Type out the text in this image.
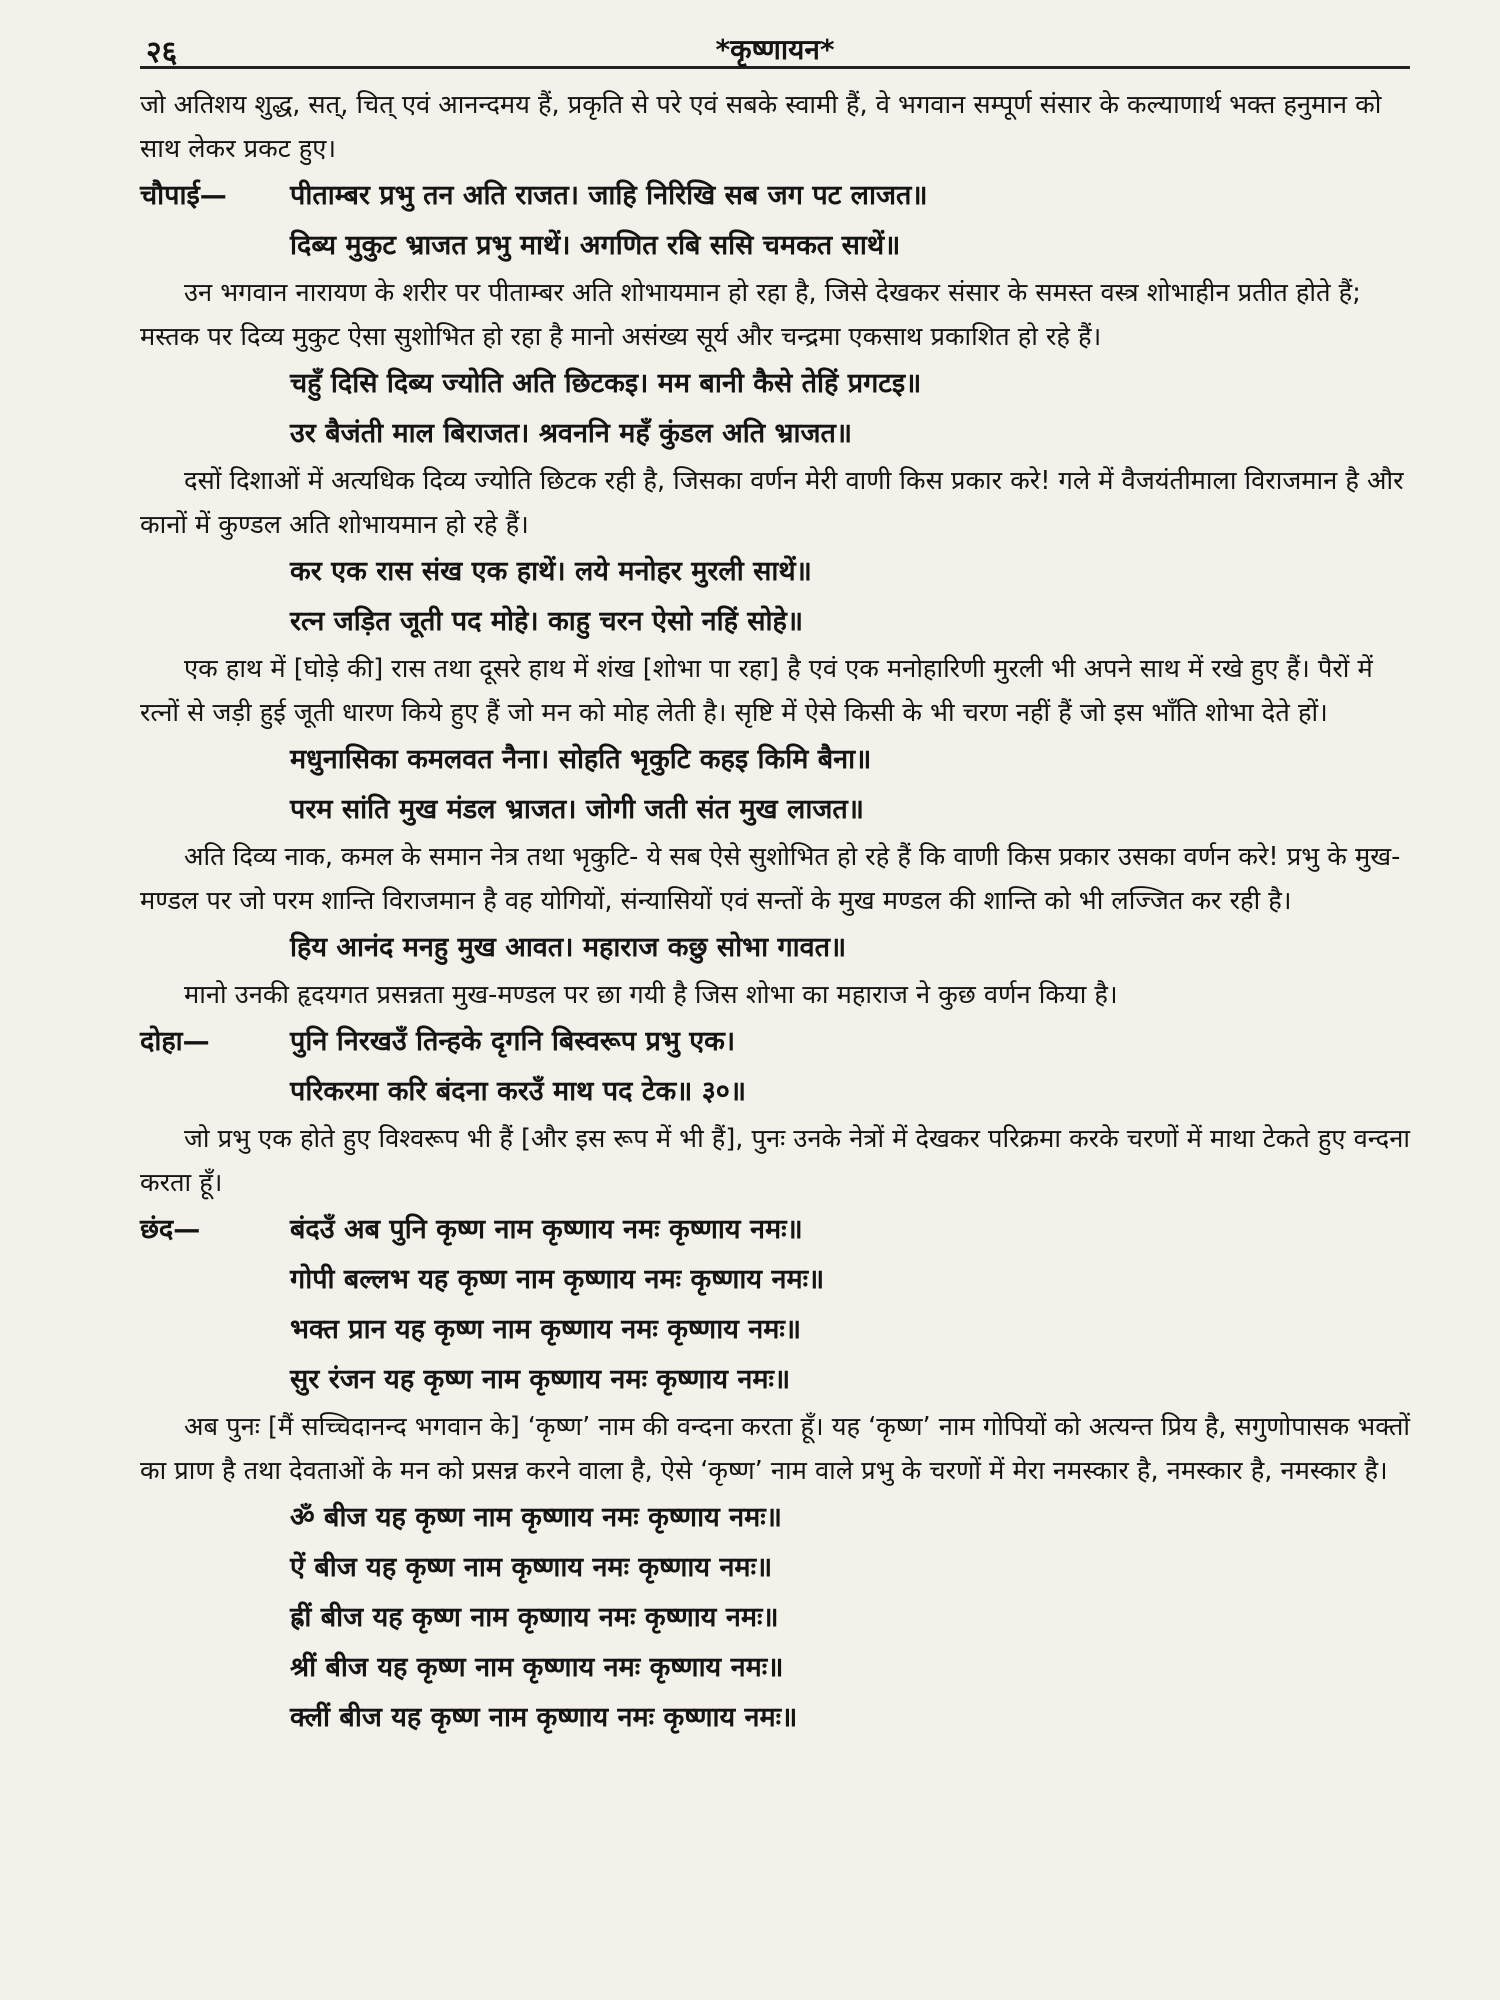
२६	*कृष्णायन*

जो अतिशय शुद्ध, सत्, चित् एवं आनन्दमय हैं, प्रकृति से परे एवं सबके स्वामी हैं, वे भगवान सम्पूर्ण संसार के कल्याणार्थ भक्त हनुमान को साथ लेकर प्रकट हुए।

चौपाई—	पीताम्बर प्रभु तन अति राजत। जाहि निरिखि सब जग पट लाजत॥
दिब्य मुकुट भ्राजत प्रभु माथें। अगणित रबि ससि चमकत साथें॥

उन भगवान नारायण के शरीर पर पीताम्बर अति शोभायमान हो रहा है, जिसे देखकर संसार के समस्त वस्त्र शोभाहीन प्रतीत होते हैं; मस्तक पर दिव्य मुकुट ऐसा सुशोभित हो रहा है मानो असंख्य सूर्य और चन्द्रमा एकसाथ प्रकाशित हो रहे हैं।

चहुँ दिसि दिब्य ज्योति अति छिटकइ। मम बानी कैसे तेहिं प्रगटइ॥
उर बैजंती माल बिराजत। श्रवननि महँ कुंडल अति भ्राजत॥

दसों दिशाओं में अत्यधिक दिव्य ज्योति छिटक रही है, जिसका वर्णन मेरी वाणी किस प्रकार करे! गले में वैजयंतीमाला विराजमान है और कानों में कुण्डल अति शोभायमान हो रहे हैं।

कर एक रास संख एक हाथें। लये मनोहर मुरली साथें॥
रत्न जड़ित जूती पद मोहे। काहु चरन ऐसो नहिं सोहे॥

एक हाथ में [घोड़े की] रास तथा दूसरे हाथ में शंख [शोभा पा रहा] है एवं एक मनोहारिणी मुरली भी अपने साथ में रखे हुए हैं। पैरों में रत्नों से जड़ी हुई जूती धारण किये हुए हैं जो मन को मोह लेती है। सृष्टि में ऐसे किसी के भी चरण नहीं हैं जो इस भाँति शोभा देते हों।

मधुनासिका कमलवत नैना। सोहति भृकुटि कहइ किमि बैना॥
परम सांति मुख मंडल भ्राजत। जोगी जती संत मुख लाजत॥

अति दिव्य नाक, कमल के समान नेत्र तथा भृकुटि- ये सब ऐसे सुशोभित हो रहे हैं कि वाणी किस प्रकार उसका वर्णन करे! प्रभु के मुख-मण्डल पर जो परम शान्ति विराजमान है वह योगियों, संन्यासियों एवं सन्तों के मुख मण्डल की शान्ति को भी लज्जित कर रही है।

हिय आनंद मनहु मुख आवत। महाराज कछु सोभा गावत॥

मानो उनकी हृदयगत प्रसन्नता मुख-मण्डल पर छा गयी है जिस शोभा का महाराज ने कुछ वर्णन किया है।

दोहा—	पुनि निरखउँ तिन्हके दृगनि बिस्वरूप प्रभु एक।
परिकरमा करि बंदना करउँ माथ पद टेक॥ ३०॥

जो प्रभु एक होते हुए विश्वरूप भी हैं [और इस रूप में भी हैं], पुनः उनके नेत्रों में देखकर परिक्रमा करके चरणों में माथा टेकते हुए वन्दना करता हूँ।

छंद—	बंदउँ अब पुनि कृष्ण नाम कृष्णाय नमः कृष्णाय नमः॥
गोपी बल्लभ यह कृष्ण नाम कृष्णाय नमः कृष्णाय नमः॥
भक्त प्रान यह कृष्ण नाम कृष्णाय नमः कृष्णाय नमः॥
सुर रंजन यह कृष्ण नाम कृष्णाय नमः कृष्णाय नमः॥

अब पुनः [मैं सच्चिदानन्द भगवान के] ‘कृष्ण’ नाम की वन्दना करता हूँ। यह ‘कृष्ण’ नाम गोपियों को अत्यन्त प्रिय है, सगुणोपासक भक्तों का प्राण है तथा देवताओं के मन को प्रसन्न करने वाला है, ऐसे ‘कृष्ण’ नाम वाले प्रभु के चरणों में मेरा नमस्कार है, नमस्कार है, नमस्कार है।

ॐ बीज यह कृष्ण नाम कृष्णाय नमः कृष्णाय नमः॥
ऐं बीज यह कृष्ण नाम कृष्णाय नमः कृष्णाय नमः॥
ह्रीं बीज यह कृष्ण नाम कृष्णाय नमः कृष्णाय नमः॥
श्रीं बीज यह कृष्ण नाम कृष्णाय नमः कृष्णाय नमः॥
क्लीं बीज यह कृष्ण नाम कृष्णाय नमः कृष्णाय नमः॥
